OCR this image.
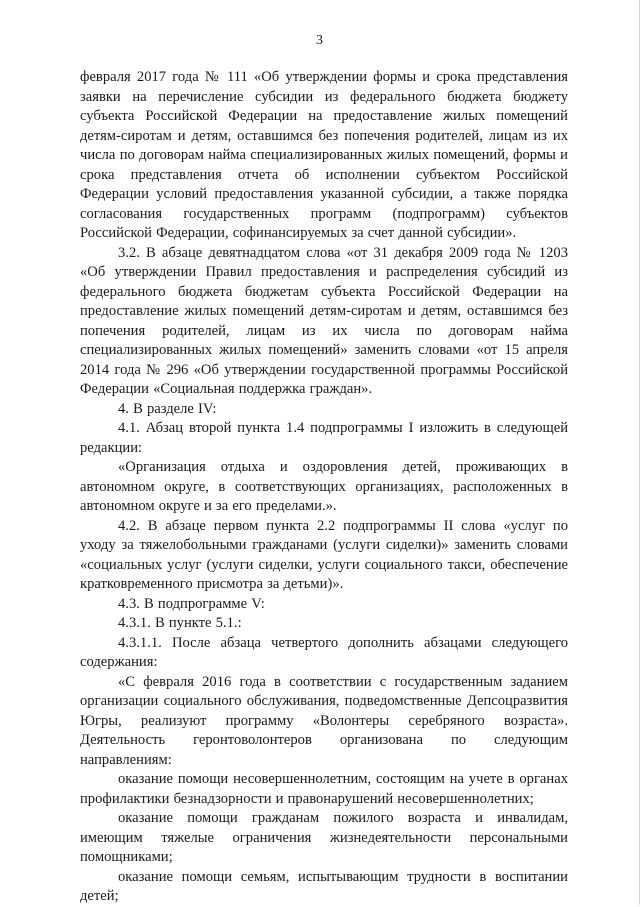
3

февраля 2017 года № 111 «Об утверждении формы и срока представления заявки на перечисление субсидии из федерального бюджета бюджету субъекта Российской Федерации на предоставление жилых помещений детям-сиротам и детям, оставшимся без попечения родителей, лицам из их числа по договорам найма специализированных жилых помещений, формы и срока представления отчета об исполнении субъектом Российской Федерации условий предоставления указанной субсидии, а также порядка согласования государственных программ (подпрограмм) субъектов Российской Федерации, софинансируемых за счет данной субсидии».

3.2. В абзаце девятнадцатом слова «от 31 декабря 2009 года № 1203 «Об утверждении Правил предоставления и распределения субсидий из федерального бюджета бюджетам субъекта Российской Федерации на предоставление жилых помещений детям-сиротам и детям, оставшимся без попечения родителей, лицам из их числа по договорам найма специализированных жилых помещений» заменить словами «от 15 апреля 2014 года № 296 «Об утверждении государственной программы Российской Федерации «Социальная поддержка граждан».

4. В разделе IV:

4.1. Абзац второй пункта 1.4 подпрограммы I изложить в следующей редакции:

«Организация отдыха и оздоровления детей, проживающих в автономном округе, в соответствующих организациях, расположенных в автономном округе и за его пределами.».

4.2. В абзаце первом пункта 2.2 подпрограммы II слова «услуг по уходу за тяжелобольными гражданами (услуги сиделки)» заменить словами «социальных услуг (услуги сиделки, услуги социального такси, обеспечение кратковременного присмотра за детьми)».

4.3. В подпрограмме V:

4.3.1. В пункте 5.1.:

4.3.1.1. После абзаца четвертого дополнить абзацами следующего содержания:

«С февраля 2016 года в соответствии с государственным заданием организации социального обслуживания, подведомственные Депсоцразвития Югры, реализуют программу «Волонтеры серебряного возраста». Деятельность геронтоволонтеров организована по следующим направлениям:

оказание помощи несовершеннолетним, состоящим на учете в органах профилактики безнадзорности и правонарушений несовершеннолетних;

оказание помощи гражданам пожилого возраста и инвалидам, имеющим тяжелые ограничения жизнедеятельности персональными помощниками;

оказание помощи семьям, испытывающим трудности в воспитании детей;
